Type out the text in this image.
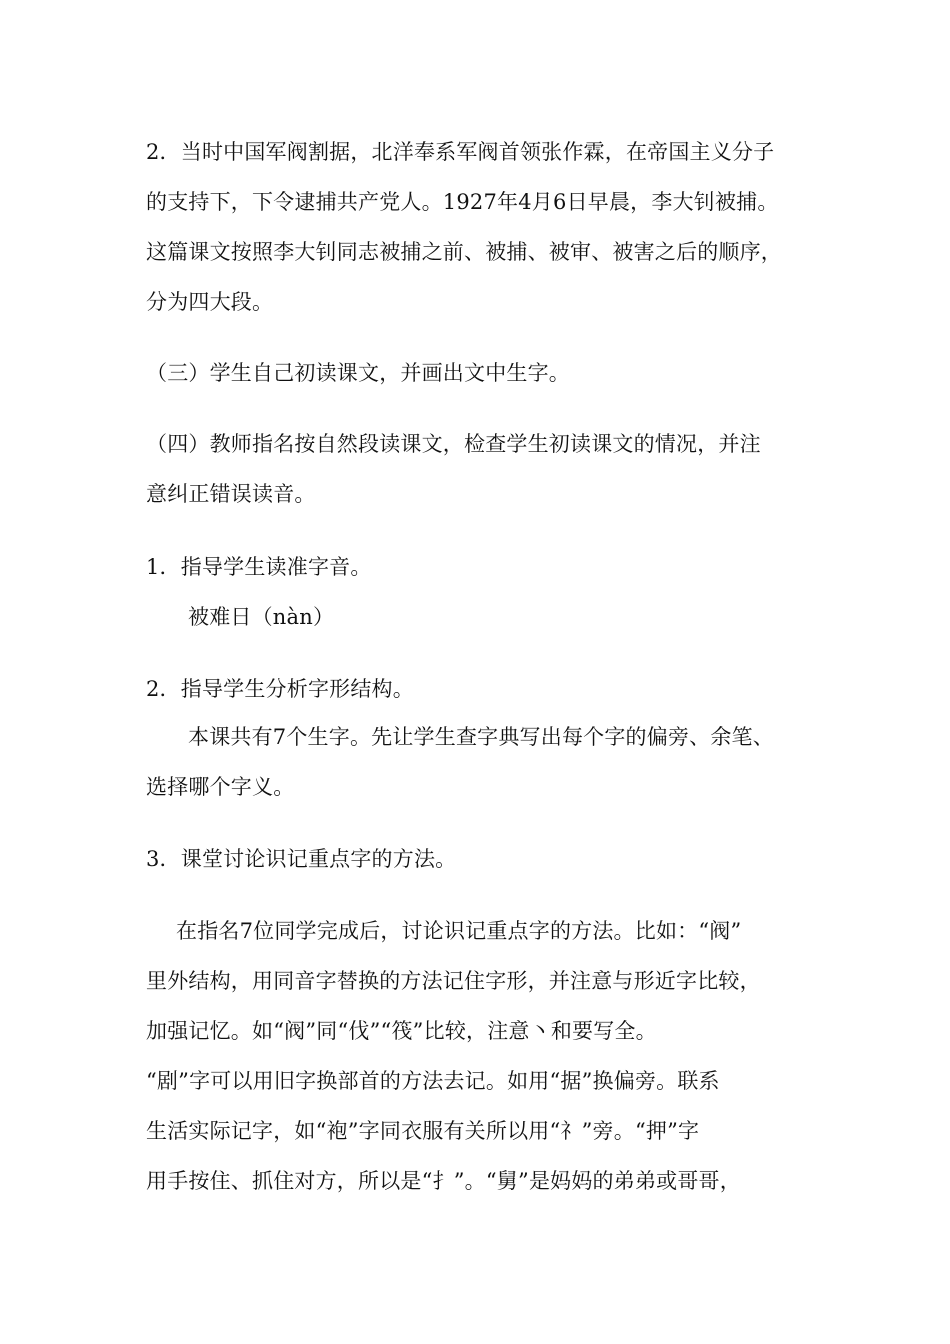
2．当时中国军阀割据，北洋奉系军阀首领张作霖，在帝国主义分子
的支持下，下令逮捕共产党人。1927年4月6日早晨，李大钊被捕。
这篇课文按照李大钊同志被捕之前、被捕、被审、被害之后的顺序，
分为四大段。
（三）学生自己初读课文，并画出文中生字。
（四）教师指名按自然段读课文，检查学生初读课文的情况，并注
意纠正错误读音。
1．指导学生读准字音。
被难日（nàn）
2．指导学生分析字形结构。
本课共有7个生字。先让学生查字典写出每个字的偏旁、余笔、
选择哪个字义。
3．课堂讨论识记重点字的方法。
在指名7位同学完成后，讨论识记重点字的方法。比如：“阀”
里外结构，用同音字替换的方法记住字形，并注意与形近字比较，
加强记忆。如“阀”同“伐”“筏”比较，注意丶和要写全。
“剧”字可以用旧字换部首的方法去记。如用“据”换偏旁。联系
生活实际记字，如“袍”字同衣服有关所以用“礻”旁。“押”字
用手按住、抓住对方，所以是“扌”。“舅”是妈妈的弟弟或哥哥，
